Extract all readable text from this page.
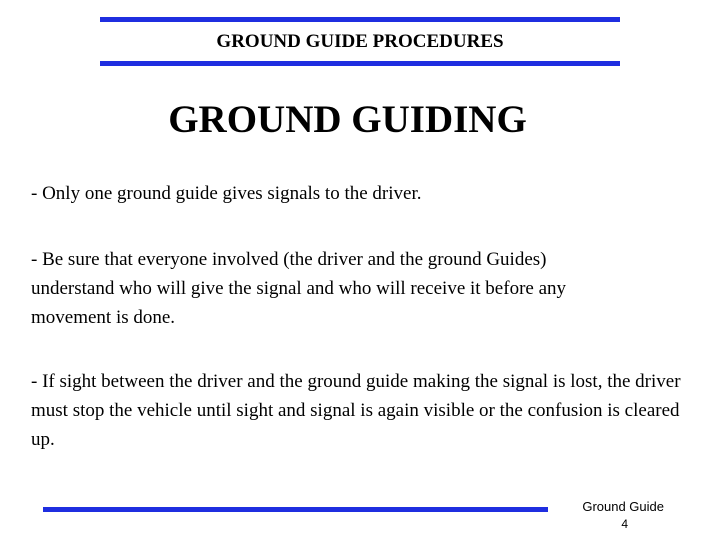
GROUND GUIDE PROCEDURES
GROUND GUIDING

- Only one ground guide gives signals to the driver.

- Be sure that everyone involved (the driver and the ground Guides) understand who will give the signal and who will receive it before any movement is done.

- If sight between the driver and the ground guide making the signal is lost, the driver must stop the vehicle until sight and signal is again visible or the confusion is cleared up.

Ground Guide
4
